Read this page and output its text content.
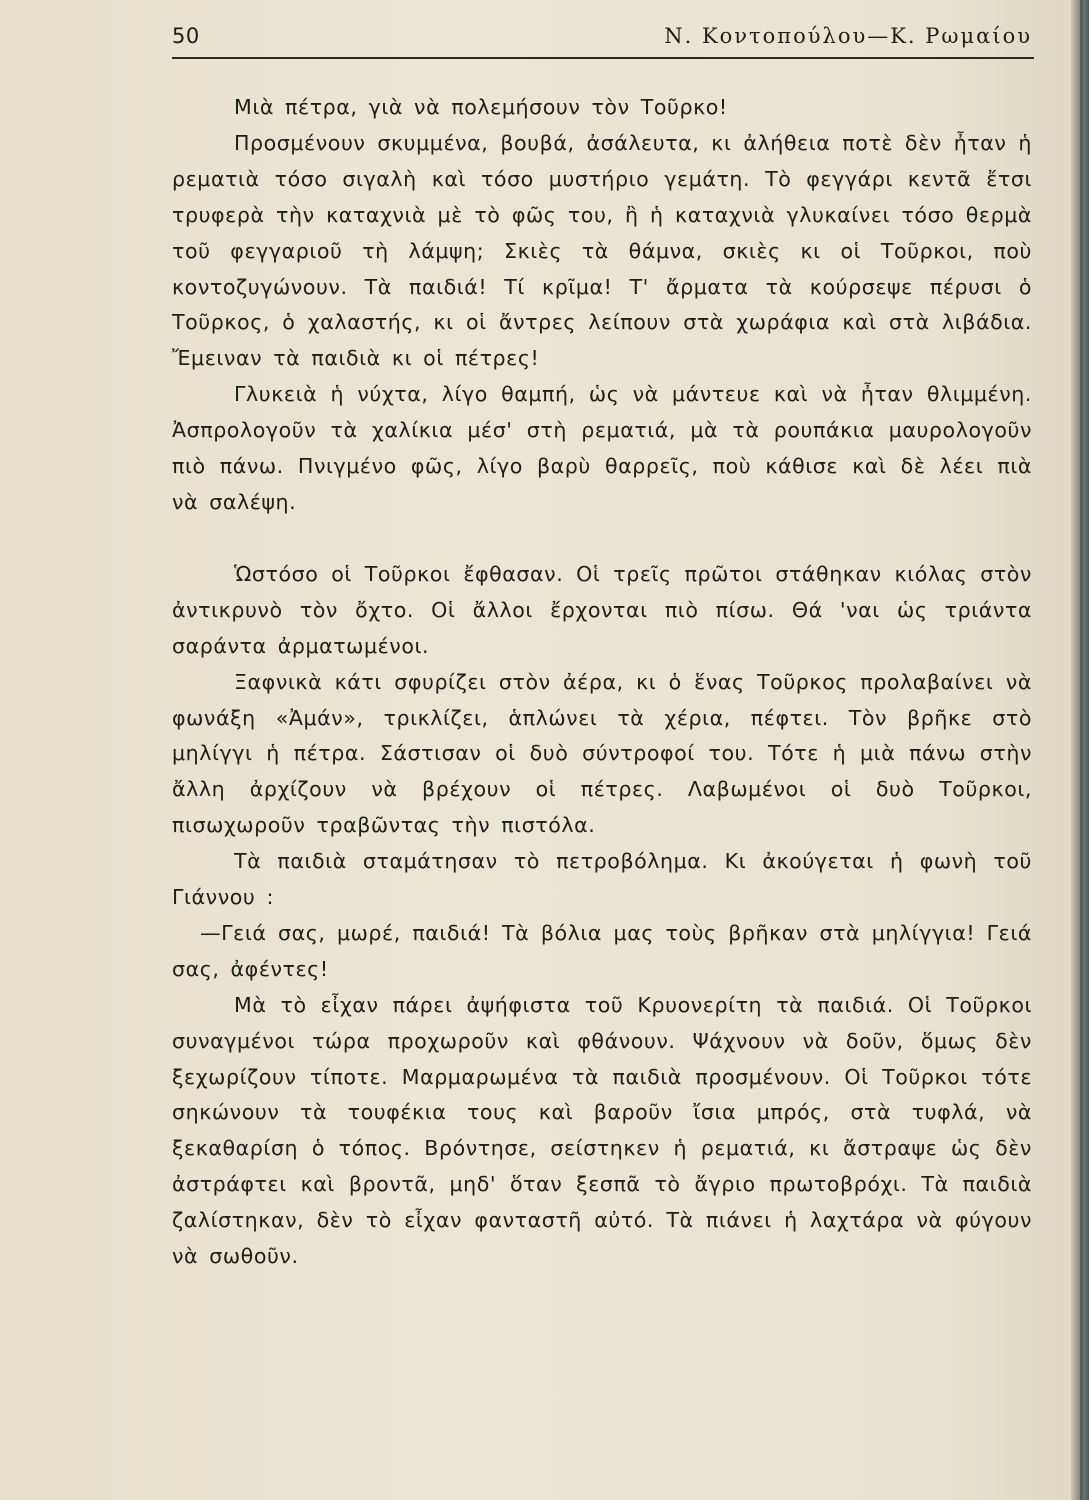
50	Ν. Κοντοπούλου—Κ. Ρωμαίου

Μιὰ πέτρα, γιὰ νὰ πολεμήσουν τὸν Τοῦρκο!

Προσμένουν σκυμμένα, βουβά, ἀσάλευτα, κι ἀλήθεια ποτὲ δὲν ἦταν ἡ ρεματιὰ τόσο σιγαλὴ καὶ τόσο μυστήριο γεμάτη. Τὸ φεγγάρι κεντᾶ ἔτσι τρυφερὰ τὴν καταχνιὰ μὲ τὸ φῶς του, ἢ ἡ καταχνιὰ γλυκαίνει τόσο θερμὰ τοῦ φεγγαριοῦ τὴ λάμψη; Σκιὲς τὰ θάμνα, σκιὲς κι οἱ Τοῦρκοι, ποὺ κοντοζυγώνουν. Τὰ παιδιά! Τί κρῖμα! Τ' ἄρματα τὰ κούρσεψε πέρυσι ὁ Τοῦρκος, ὁ χαλαστής, κι οἱ ἄντρες λείπουν στὰ χωράφια καὶ στὰ λιβάδια. Ἔμειναν τὰ παιδιὰ κι οἱ πέτρες!

Γλυκειὰ ἡ νύχτα, λίγο θαμπή, ὡς νὰ μάντευε καὶ νὰ ἦταν θλιμμένη. Ἀσπρολογοῦν τὰ χαλίκια μέσ' στὴ ρεματιά, μὰ τὰ ρουπάκια μαυρολογοῦν πιὸ πάνω. Πνιγμένο φῶς, λίγο βαρὺ θαρρεῖς, ποὺ κάθισε καὶ δὲ λέει πιὰ νὰ σαλέψη.

Ὡστόσο οἱ Τοῦρκοι ἔφθασαν. Οἱ τρεῖς πρῶτοι στάθηκαν κιόλας στὸν ἀντικρυνὸ τὸν ὄχτο. Οἱ ἄλλοι ἔρχονται πιὸ πίσω. Θά 'ναι ὡς τριάντα σαράντα ἀρματωμένοι.

Ξαφνικὰ κάτι σφυρίζει στὸν ἀέρα, κι ὁ ἕνας Τοῦρκος προλαβαίνει νὰ φωνάξη «Ἀμάν», τρικλίζει, ἁπλώνει τὰ χέρια, πέφτει. Τὸν βρῆκε στὸ μηλίγγι ἡ πέτρα. Σάστισαν οἱ δυὸ σύντροφοί του. Τότε ἡ μιὰ πάνω στὴν ἄλλη ἀρχίζουν νὰ βρέχουν οἱ πέτρες. Λαβωμένοι οἱ δυὸ Τοῦρκοι, πισωχωροῦν τραβῶντας τὴν πιστόλα.

Τὰ παιδιὰ σταμάτησαν τὸ πετροβόλημα. Κι ἀκούγεται ἡ φωνὴ τοῦ Γιάννου :

—Γειά σας, μωρέ, παιδιά! Τὰ βόλια μας τοὺς βρῆκαν στὰ μηλίγγια! Γειά σας, ἀφέντες!

Μὰ τὸ εἶχαν πάρει ἀψήφιστα τοῦ Κρυονερίτη τὰ παιδιά. Οἱ Τοῦρκοι συναγμένοι τώρα προχωροῦν καὶ φθάνουν. Ψάχνουν νὰ δοῦν, ὅμως δὲν ξεχωρίζουν τίποτε. Μαρμαρωμένα τὰ παιδιὰ προσμένουν. Οἱ Τοῦρκοι τότε σηκώνουν τὰ τουφέκια τους καὶ βαροῦν ἴσια μπρός, στὰ τυφλά, νὰ ξεκαθαρίση ὁ τόπος. Βρόντησε, σείστηκεν ἡ ρεματιά, κι ἄστραψε ὡς δὲν ἀστράφτει καὶ βροντᾶ, μηδ' ὅταν ξεσπᾶ τὸ ἄγριο πρωτοβρόχι. Τὰ παιδιὰ ζαλίστηκαν, δὲν τὸ εἶχαν φανταστῆ αὐτό. Τὰ πιάνει ἡ λαχτάρα νὰ φύγουν νὰ σωθοῦν.
